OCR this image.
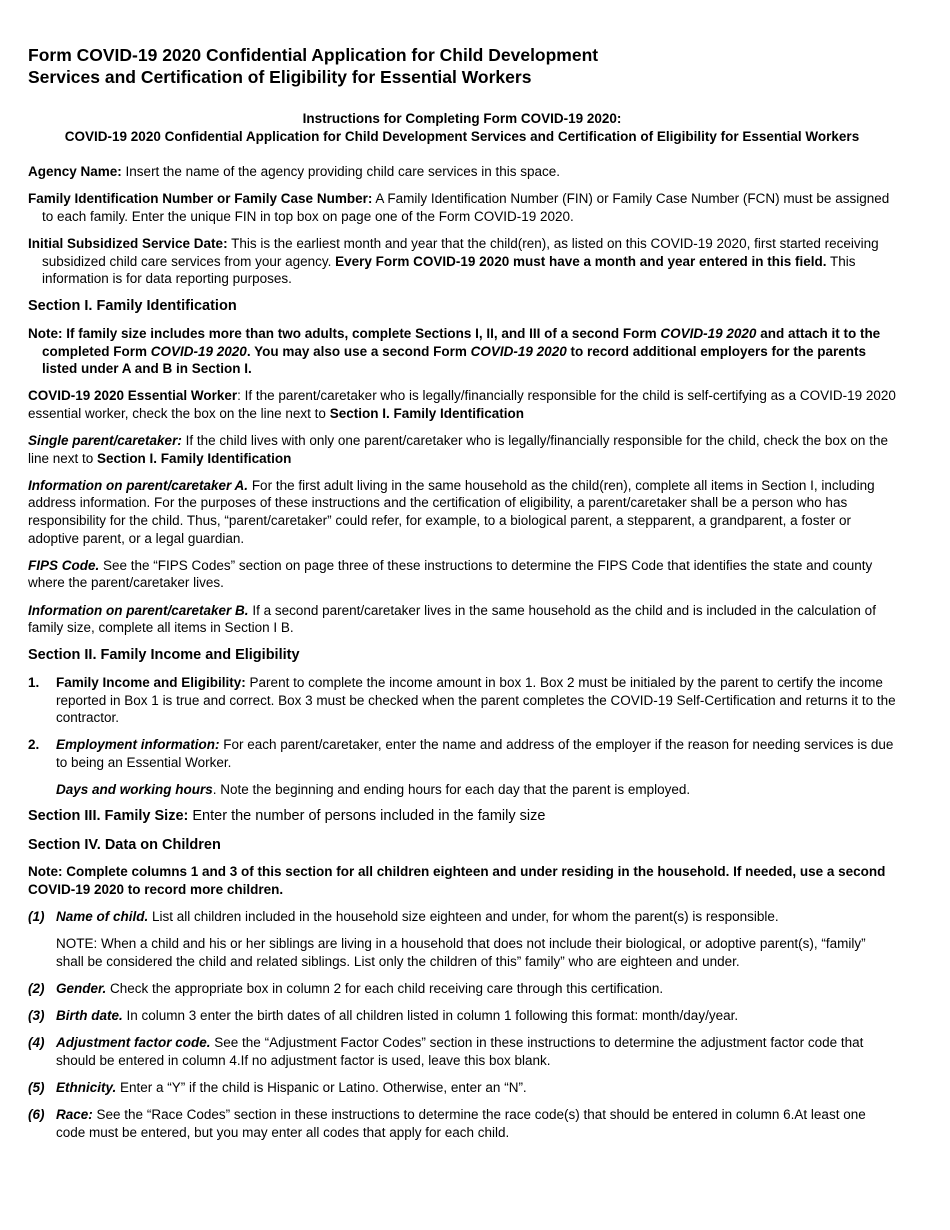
Form COVID-19 2020 Confidential Application for Child Development
Services and Certification of Eligibility for Essential Workers
Instructions for Completing Form COVID-19 2020:
COVID-19 2020 Confidential Application for Child Development Services and Certification of Eligibility for Essential Workers

Agency Name: Insert the name of the agency providing child care services in this space.

Family Identification Number or Family Case Number: A Family Identification Number (FIN) or Family Case Number (FCN) must be assigned to each family. Enter the unique FIN in top box on page one of the Form COVID-19 2020.

Initial Subsidized Service Date: This is the earliest month and year that the child(ren), as listed on this COVID-19 2020, first started receiving subsidized child care services from your agency. Every Form COVID-19 2020 must have a month and year entered in this field. This information is for data reporting purposes.

Section I. Family Identification

Note: If family size includes more than two adults, complete Sections I, II, and III of a second Form COVID-19 2020 and attach it to the completed Form COVID-19 2020. You may also use a second Form COVID-19 2020 to record additional employers for the parents listed under A and B in Section I.

COVID-19 2020 Essential Worker: If the parent/caretaker who is legally/financially responsible for the child is self-certifying as a COVID-19 2020 essential worker, check the box on the line next to Section I. Family Identification

Single parent/caretaker: If the child lives with only one parent/caretaker who is legally/financially responsible for the child, check the box on the line next to Section I. Family Identification

Information on parent/caretaker A. For the first adult living in the same household as the child(ren), complete all items in Section I, including address information. For the purposes of these instructions and the certification of eligibility, a parent/caretaker shall be a person who has responsibility for the child. Thus, “parent/caretaker” could refer, for example, to a biological parent, a stepparent, a grandparent, a foster or adoptive parent, or a legal guardian.

FIPS Code. See the “FIPS Codes” section on page three of these instructions to determine the FIPS Code that identifies the state and county where the parent/caretaker lives.

Information on parent/caretaker B. If a second parent/caretaker lives in the same household as the child and is included in the calculation of family size, complete all items in Section I B.

Section II. Family Income and Eligibility
1.	Family Income and Eligibility: Parent to complete the income amount in box 1. Box 2 must be initialed by the parent to certify the income reported in Box 1 is true and correct. Box 3 must be checked when the parent completes the COVID-19 Self-Certification and returns it to the contractor.
2.	Employment information: For each parent/caretaker, enter the name and address of the employer if the reason for needing services is due to being an Essential Worker.

Days and working hours. Note the beginning and ending hours for each day that the parent is employed.

Section III. Family Size: Enter the number of persons included in the family size

Section IV. Data on Children

Note: Complete columns 1 and 3 of this section for all children eighteen and under residing in the household. If needed, use a second COVID-19 2020 to record more children.

(1) Name of child. List all children included in the household size eighteen and under, for whom the parent(s) is responsible.

NOTE: When a child and his or her siblings are living in a household that does not include their biological, or adoptive parent(s), “family” shall be considered the child and related siblings. List only the children of this” family” who are eighteen and under.

(2) Gender. Check the appropriate box in column 2 for each child receiving care through this certification.
(3) Birth date. In column 3 enter the birth dates of all children listed in column 1 following this format: month/day/year.
(4) Adjustment factor code. See the “Adjustment Factor Codes” section in these instructions to determine the adjustment factor code that should be entered in column 4.If no adjustment factor is used, leave this box blank.
(5) Ethnicity. Enter a “Y” if the child is Hispanic or Latino. Otherwise, enter an “N”.
(6) Race: See the “Race Codes” section in these instructions to determine the race code(s) that should be entered in column 6.At least one code must be entered, but you may enter all codes that apply for each child.
